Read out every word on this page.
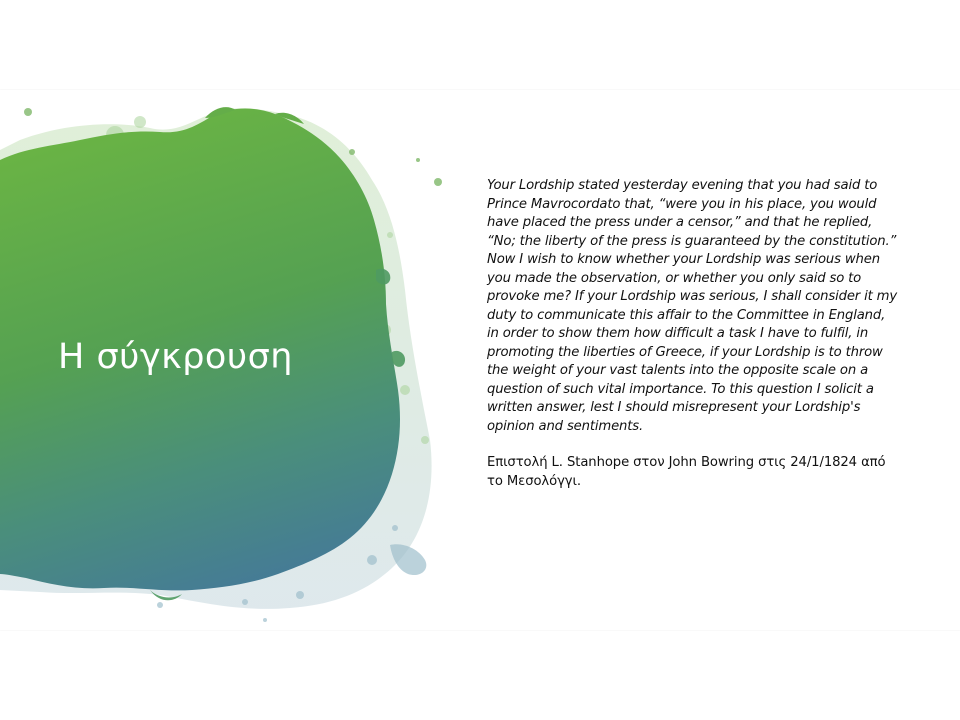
Η σύγκρουση

Your Lordship stated yesterday evening that you had said to Prince Mavrocordato that, “were you in his place, you would have placed the press under a censor,” and that he replied, “No; the liberty of the press is guaranteed by the constitution.” Now I wish to know whether your Lordship was serious when you made the observation, or whether you only said so to provoke me? If your Lordship was serious, I shall consider it my duty to communicate this affair to the Committee in England, in order to show them how difficult a task I have to fulfil, in promoting the liberties of Greece, if your Lordship is to throw the weight of your vast talents into the opposite scale on a question of such vital importance. To this question I solicit a written answer, lest I should misrepresent your Lordship's opinion and sentiments.

Επιστολή L. Stanhope στον John Bowring στις 24/1/1824 από το Μεσολόγγι.
